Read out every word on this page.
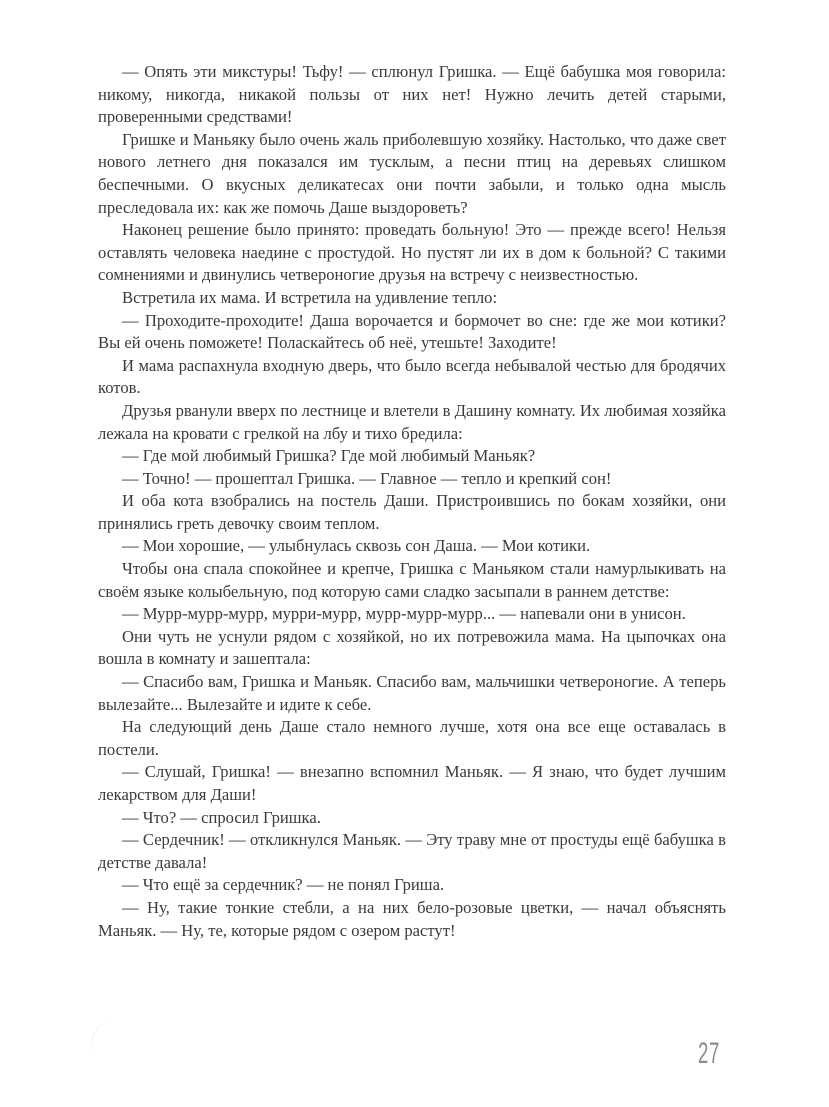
— Опять эти микстуры! Тьфу! — сплюнул Гришка. — Ещё бабушка моя говорила: никому, никогда, никакой пользы от них нет! Нужно лечить детей старыми, проверенными средствами!

Гришке и Маньяку было очень жаль приболевшую хозяйку. Настолько, что даже свет нового летнего дня показался им тусклым, а песни птиц на деревьях слишком беспечными. О вкусных деликатесах они почти забыли, и только одна мысль преследовала их: как же помочь Даше выздороветь?

Наконец решение было принято: проведать больную! Это — прежде всего! Нельзя оставлять человека наедине с простудой. Но пустят ли их в дом к больной? С такими сомнениями и двинулись четвероногие друзья на встречу с неизвестностью.

Встретила их мама. И встретила на удивление тепло:

— Проходите-проходите! Даша ворочается и бормочет во сне: где же мои котики? Вы ей очень поможете! Поласкайтесь об неё, утешьте! Заходите!

И мама распахнула входную дверь, что было всегда небывалой честью для бродячих котов.

Друзья рванули вверх по лестнице и влетели в Дашину комнату. Их любимая хозяйка лежала на кровати с грелкой на лбу и тихо бредила:

— Где мой любимый Гришка? Где мой любимый Маньяк?

— Точно! — прошептал Гришка. — Главное — тепло и крепкий сон!

И оба кота взобрались на постель Даши. Пристроившись по бокам хозяйки, они принялись греть девочку своим теплом.

— Мои хорошие, — улыбнулась сквозь сон Даша. — Мои котики.

Чтобы она спала спокойнее и крепче, Гришка с Маньяком стали намурлыкивать на своём языке колыбельную, под которую сами сладко засыпали в раннем детстве:

— Мурр-мурр-мурр, мурри-мурр, мурр-мурр-мурр... — напевали они в унисон.

Они чуть не уснули рядом с хозяйкой, но их потревожила мама. На цыпочках она вошла в комнату и зашептала:

— Спасибо вам, Гришка и Маньяк. Спасибо вам, мальчишки четвероногие. А теперь вылезайте... Вылезайте и идите к себе.

На следующий день Даше стало немного лучше, хотя она все еще оставалась в постели.

— Слушай, Гришка! — внезапно вспомнил Маньяк. — Я знаю, что будет лучшим лекарством для Даши!

— Что? — спросил Гришка.

— Сердечник! — откликнулся Маньяк. — Эту траву мне от простуды ещё бабушка в детстве давала!

— Что ещё за сердечник? — не понял Гриша.

— Ну, такие тонкие стебли, а на них бело-розовые цветки, — начал объяснять Маньяк. — Ну, те, которые рядом с озером растут!

27
